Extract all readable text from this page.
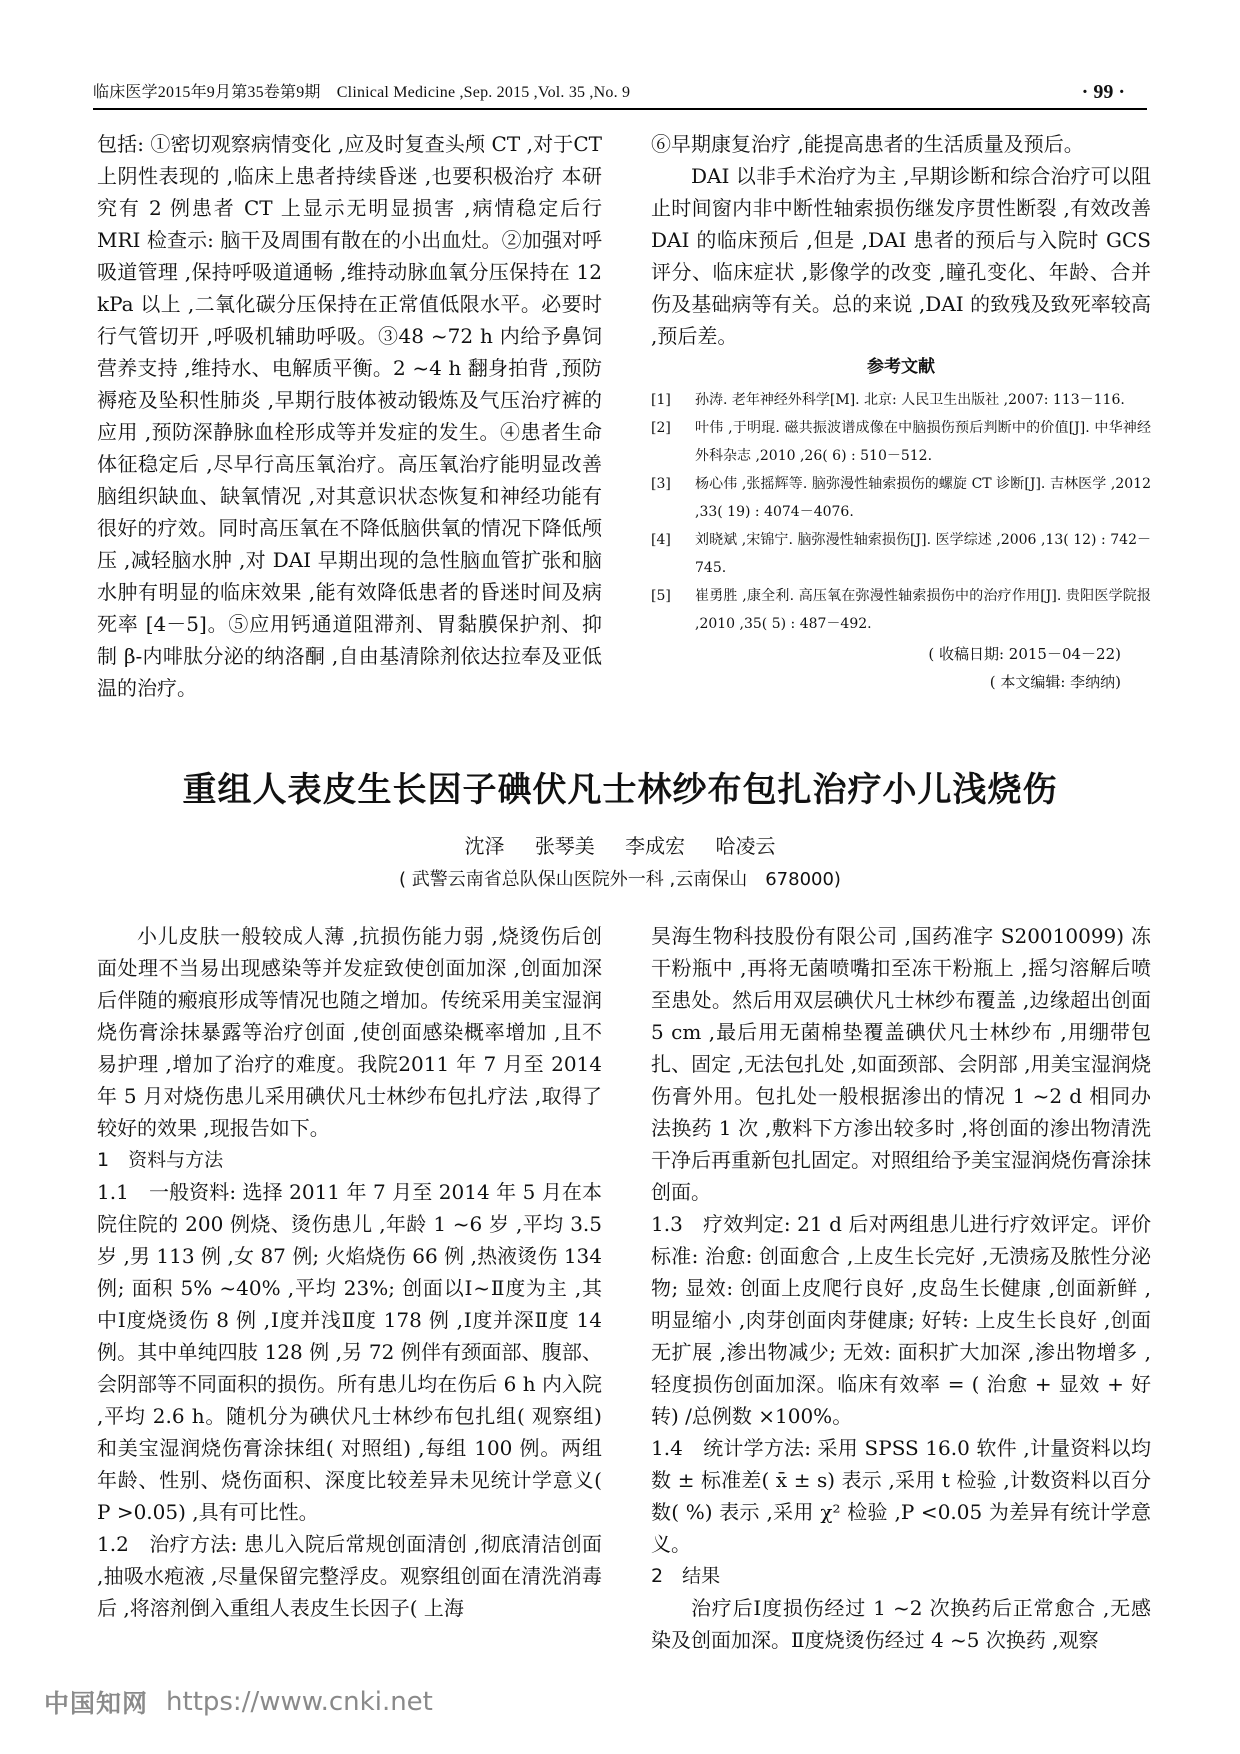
临床医学2015年9月第35卷第9期　Clinical Medicine ,Sep. 2015 ,Vol. 35 ,No. 9	· 99 ·

包括: ①密切观察病情变化 ,应及时复查头颅 CT ,对于CT 上阴性表现的 ,临床上患者持续昏迷 ,也要积极治疗 本研究有 2 例患者 CT 上显示无明显损害 ,病情稳定后行 MRI 检查示: 脑干及周围有散在的小出血灶。②加强对呼吸道管理 ,保持呼吸道通畅 ,维持动脉血氧分压保持在 12 kPa 以上 ,二氧化碳分压保持在正常值低限水平。必要时行气管切开 ,呼吸机辅助呼吸。③48 ~72 h 内给予鼻饲营养支持 ,维持水、电解质平衡。2 ~4 h 翻身拍背 ,预防褥疮及坠积性肺炎 ,早期行肢体被动锻炼及气压治疗裤的应用 ,预防深静脉血栓形成等并发症的发生。④患者生命体征稳定后 ,尽早行高压氧治疗。高压氧治疗能明显改善脑组织缺血、缺氧情况 ,对其意识状态恢复和神经功能有很好的疗效。同时高压氧在不降低脑供氧的情况下降低颅压 ,减轻脑水肿 ,对 DAI 早期出现的急性脑血管扩张和脑水肿有明显的临床效果 ,能有效降低患者的昏迷时间及病死率 [4－5]。⑤应用钙通道阻滞剂、胃黏膜保护剂、抑制 β-内啡肽分泌的纳洛酮 ,自由基清除剂依达拉奉及亚低温的治疗。

⑥早期康复治疗 ,能提高患者的生活质量及预后。

DAI 以非手术治疗为主 ,早期诊断和综合治疗可以阻止时间窗内非中断性轴索损伤继发序贯性断裂 ,有效改善 DAI 的临床预后 ,但是 ,DAI 患者的预后与入院时 GCS 评分、临床症状 ,影像学的改变 ,瞳孔变化、年龄、合并伤及基础病等有关。总的来说 ,DAI 的致残及致死率较高 ,预后差。

参考文献
[1]	孙涛. 老年神经外科学[M]. 北京: 人民卫生出版社 ,2007: 113－116.
[2]	叶伟 ,于明琨. 磁共振波谱成像在中脑损伤预后判断中的价值[J]. 中华神经外科杂志 ,2010 ,26( 6) : 510－512.
[3]	杨心伟 ,张摇辉等. 脑弥漫性轴索损伤的螺旋 CT 诊断[J]. 吉林医学 ,2012 ,33( 19) : 4074－4076.
[4]	刘晓斌 ,宋锦宁. 脑弥漫性轴索损伤[J]. 医学综述 ,2006 ,13( 12) : 742－745.
[5]	崔勇胜 ,康全利. 高压氧在弥漫性轴索损伤中的治疗作用[J]. 贵阳医学院报 ,2010 ,35( 5) : 487－492.
( 收稿日期: 2015－04－22)
( 本文编辑: 李纳纳)
重组人表皮生长因子碘伏凡士林纱布包扎治疗小儿浅烧伤
沈泽 张琴美 李成宏 哈凌云
( 武警云南省总队保山医院外一科 ,云南保山　678000)

小儿皮肤一般较成人薄 ,抗损伤能力弱 ,烧烫伤后创面处理不当易出现感染等并发症致使创面加深 ,创面加深后伴随的瘢痕形成等情况也随之增加。传统采用美宝湿润烧伤膏涂抹暴露等治疗创面 ,使创面感染概率增加 ,且不易护理 ,增加了治疗的难度。我院2011 年 7 月至 2014 年 5 月对烧伤患儿采用碘伏凡士林纱布包扎疗法 ,取得了较好的效果 ,现报告如下。

1　资料与方法

1.1　一般资料: 选择 2011 年 7 月至 2014 年 5 月在本院住院的 200 例烧、烫伤患儿 ,年龄 1 ~6 岁 ,平均 3.5 岁 ,男 113 例 ,女 87 例; 火焰烧伤 66 例 ,热液烫伤 134 例; 面积 5% ~40% ,平均 23%; 创面以Ⅰ~Ⅱ度为主 ,其中Ⅰ度烧烫伤 8 例 ,Ⅰ度并浅Ⅱ度 178 例 ,Ⅰ度并深Ⅱ度 14 例。其中单纯四肢 128 例 ,另 72 例伴有颈面部、腹部、会阴部等不同面积的损伤。所有患儿均在伤后 6 h 内入院 ,平均 2.6 h。随机分为碘伏凡士林纱布包扎组( 观察组) 和美宝湿润烧伤膏涂抹组( 对照组) ,每组 100 例。两组年龄、性别、烧伤面积、深度比较差异未见统计学意义( P >0.05) ,具有可比性。

1.2　治疗方法: 患儿入院后常规创面清创 ,彻底清洁创面 ,抽吸水疱液 ,尽量保留完整浮皮。观察组创面在清洗消毒后 ,将溶剂倒入重组人表皮生长因子( 上海

昊海生物科技股份有限公司 ,国药准字 S20010099) 冻干粉瓶中 ,再将无菌喷嘴扣至冻干粉瓶上 ,摇匀溶解后喷至患处。然后用双层碘伏凡士林纱布覆盖 ,边缘超出创面 5 cm ,最后用无菌棉垫覆盖碘伏凡士林纱布 ,用绷带包扎、固定 ,无法包扎处 ,如面颈部、会阴部 ,用美宝湿润烧伤膏外用。包扎处一般根据渗出的情况 1 ~2 d 相同办法换药 1 次 ,敷料下方渗出较多时 ,将创面的渗出物清洗干净后再重新包扎固定。对照组给予美宝湿润烧伤膏涂抹创面。

1.3　疗效判定: 21 d 后对两组患儿进行疗效评定。评价标准: 治愈: 创面愈合 ,上皮生长完好 ,无溃疡及脓性分泌物; 显效: 创面上皮爬行良好 ,皮岛生长健康 ,创面新鲜 ,明显缩小 ,肉芽创面肉芽健康; 好转: 上皮生长良好 ,创面无扩展 ,渗出物减少; 无效: 面积扩大加深 ,渗出物增多 ,轻度损伤创面加深。临床有效率 = ( 治愈 + 显效 + 好转) /总例数 ×100%。

1.4　统计学方法: 采用 SPSS 16.0 软件 ,计量资料以均数 ± 标准差( x̄ ± s) 表示 ,采用 t 检验 ,计数资料以百分数( %) 表示 ,采用 χ² 检验 ,P <0.05 为差异有统计学意义。

2　结果

治疗后Ⅰ度损伤经过 1 ~2 次换药后正常愈合 ,无感染及创面加深。Ⅱ度烧烫伤经过 4 ~5 次换药 ,观察

中国知网 https://www.cnki.net
